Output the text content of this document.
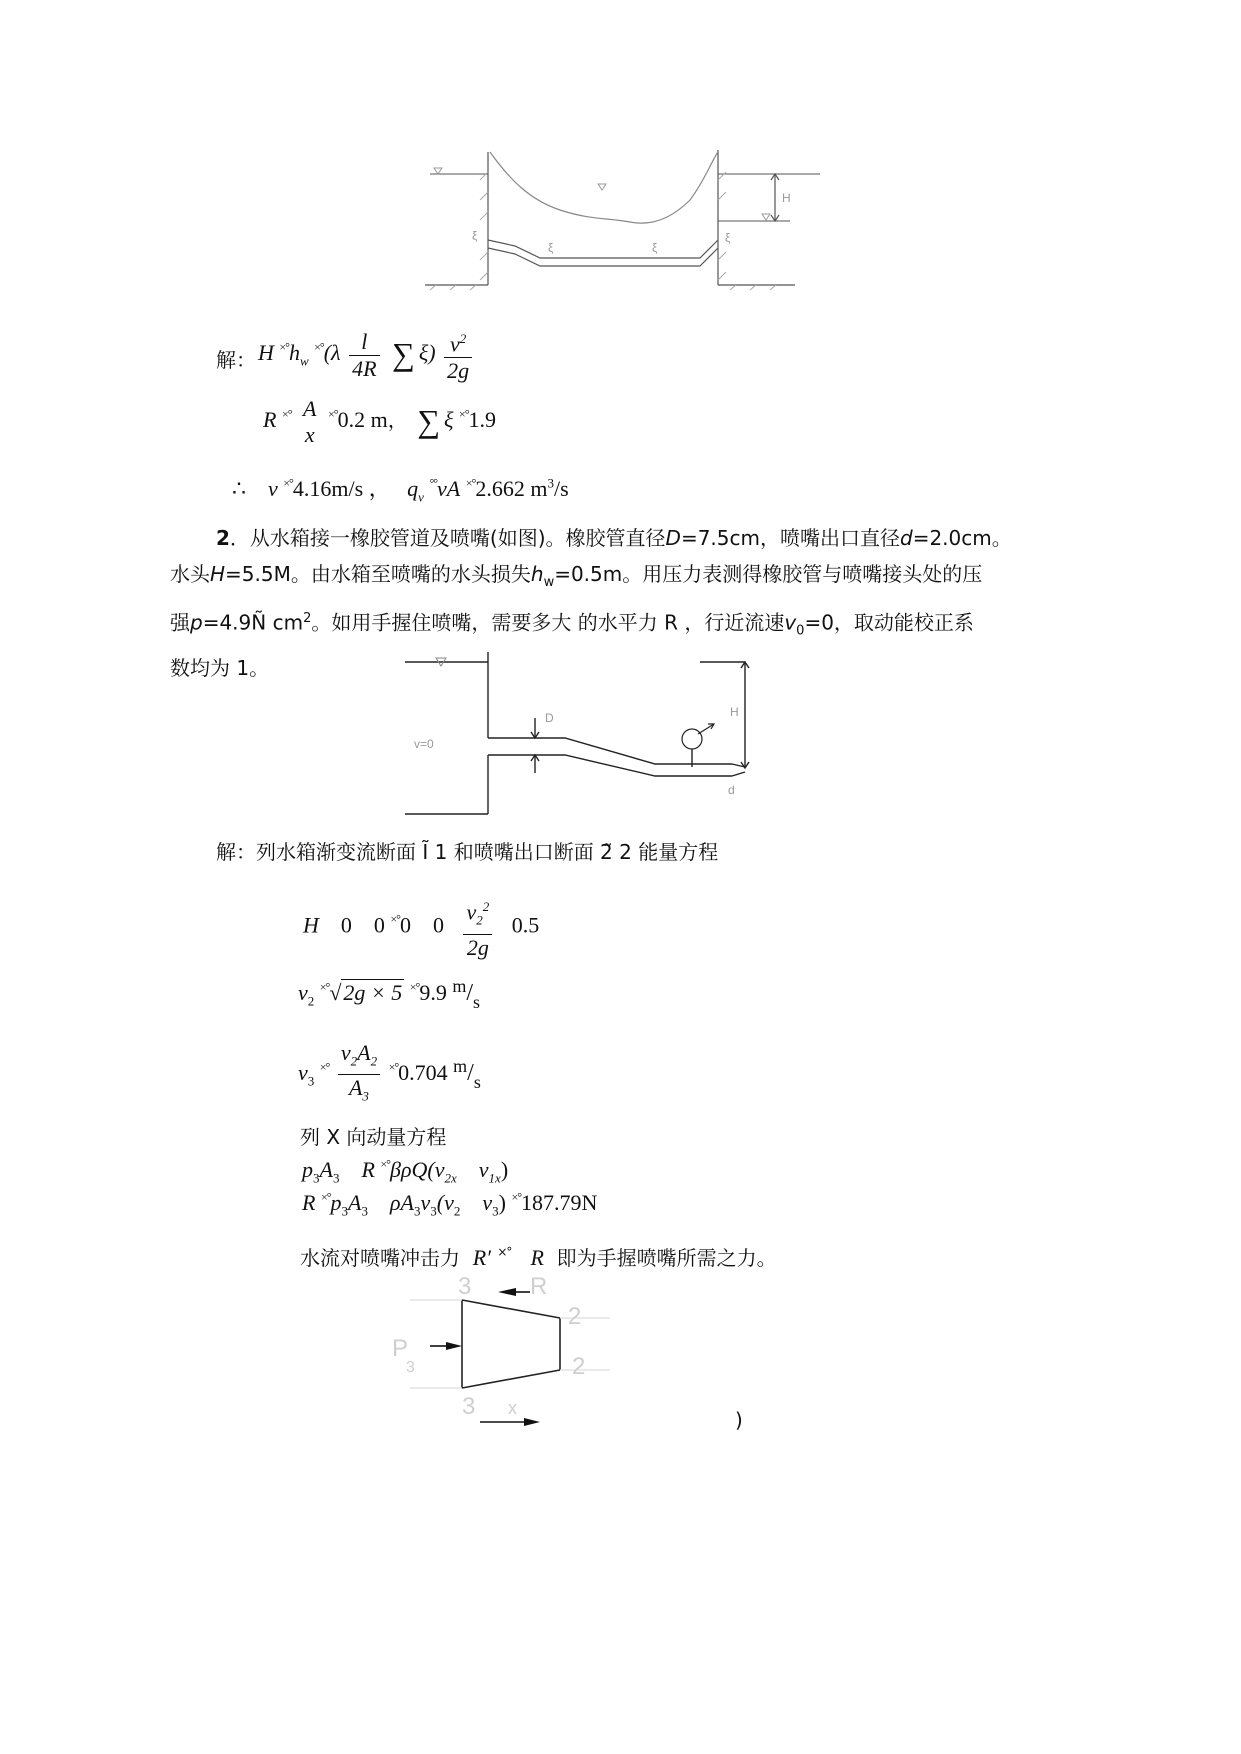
H
ξ	ξ
ξ	ξ
解： H $^{\times^\circ}h_w$ $^{\times^\circ}(\lambda \frac{l}{4R}$ ∑ $\xi) \frac{v^2}{2g}$
R ×° A
x
×°0.2 m， ∑ ξ ×°1.9
∴ v ×°4.16m/s ， $q_v$ °°vA ×°2.662 $m^3/s$
2．从水箱接一橡胶管道及喷嘴(如图)。橡胶管直径D=7.5cm，喷嘴出口直径d=2.0cm。
水头H=5.5M。由水箱至喷嘴的水头损失$h_w=0.5m$。用压力表测得橡胶管与喷嘴接头处的压
强p=4.9Ñ $cm^2$。如用手握住喷嘴，需要多大 的水平力 R ，行近流速$v_0=0$，取动能校正系
数均为 1。
D
v=0
H
d
解：列水箱渐变流断面 Ĩ 1 和喷嘴出口断面 2̃ 2 能量方程
H 0 0 ×°0 $0 \frac{v_2^2}{2g} 0.5$
$v_2$ ×°√2g × 5 ×°9.9 $^m/_s$
$v_3$ $^{\times^\circ} \frac{v_2A_2}{A_3} ^{\times^\circ}0.704$ $^m/_s$
列 X 向动量方程
$p_3A_3$ R $^{\times^\circ}\beta\rho Q(v_{2x}$ $v_{1x}$)
R $^{\times^\circ}p_3A_3$ $\rho A_3v_3(v_2$ $v_3$) ×°187.79N
水流对喷嘴冲击力 R′ ×° R 即为手握喷嘴所需之力。
3 R
2
2
P
3
3 x	)
